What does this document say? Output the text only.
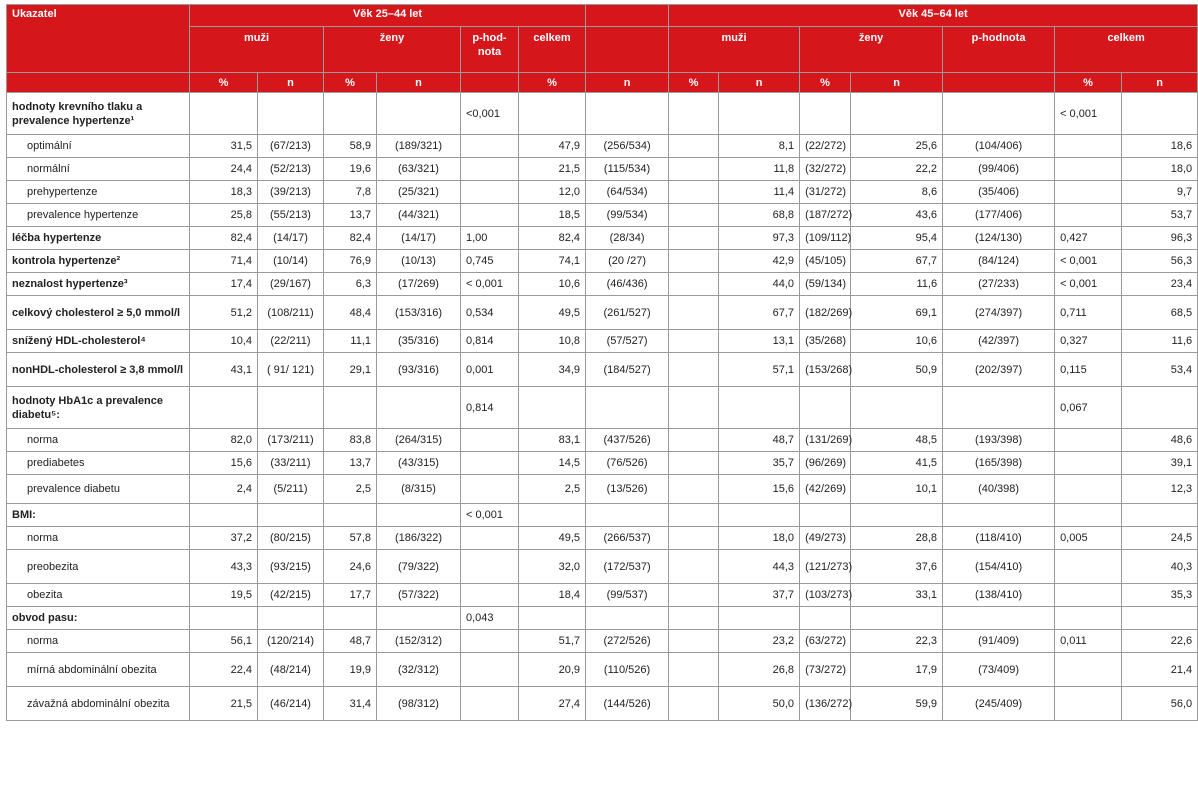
Ukazatel	Věk 25–44 let							Věk 45–64 let							
	muži		ženy		p-hod-nota	celkem		muži		ženy		p-hodnota	celkem		
	%	n	%	n		%	n	%	n	%	n		%	n	
hodnoty krevního tlaku a prevalence hypertenze¹					<0,001								< 0,001		
optimální	31,5	(67/213)	58,9	(189/321)		47,9	(256/534)		8,1	(22/272)	25,6	(104/406)		18,6	
normální	24,4	(52/213)	19,6	(63/321)		21,5	(115/534)		11,8	(32/272)	22,2	(99/406)		18,0	
prehypertenze	18,3	(39/213)	7,8	(25/321)		12,0	(64/534)		11,4	(31/272)	8,6	(35/406)		9,7	
prevalence hypertenze	25,8	(55/213)	13,7	(44/321)		18,5	(99/534)		68,8	(187/272)	43,6	(177/406)		53,7	
léčba hypertenze	82,4	(14/17)	82,4	(14/17)	1,00	82,4	(28/34)		97,3	(109/112)	95,4	(124/130)	0,427	96,3	
kontrola hypertenze²	71,4	(10/14)	76,9	(10/13)	0,745	74,1	(20 /27)		42,9	(45/105)	67,7	(84/124)	< 0,001	56,3	
neznalost hypertenze³	17,4	(29/167)	6,3	(17/269)	< 0,001	10,6	(46/436)		44,0	(59/134)	11,6	(27/233)	< 0,001	23,4	
celkový cholesterol ≥ 5,0 mmol/l	51,2	(108/211)	48,4	(153/316)	0,534	49,5	(261/527)		67,7	(182/269)	69,1	(274/397)	0,711	68,5	
snížený HDL-cholesterol⁴	10,4	(22/211)	11,1	(35/316)	0,814	10,8	(57/527)		13,1	(35/268)	10,6	(42/397)	0,327	11,6	
nonHDL-cholesterol ≥ 3,8 mmol/l	43,1	( 91/ 121)	29,1	(93/316)	0,001	34,9	(184/527)		57,1	(153/268)	50,9	(202/397)	0,115	53,4	
hodnoty HbA1c a prevalence diabetu⁵:					0,814								0,067		
norma	82,0	(173/211)	83,8	(264/315)		83,1	(437/526)		48,7	(131/269)	48,5	(193/398)		48,6	
prediabetes	15,6	(33/211)	13,7	(43/315)		14,5	(76/526)		35,7	(96/269)	41,5	(165/398)		39,1	
prevalence diabetu	2,4	(5/211)	2,5	(8/315)		2,5	(13/526)		15,6	(42/269)	10,1	(40/398)		12,3	
BMI:					< 0,001										
norma	37,2	(80/215)	57,8	(186/322)		49,5	(266/537)		18,0	(49/273)	28,8	(118/410)	0,005	24,5	
preobezita	43,3	(93/215)	24,6	(79/322)		32,0	(172/537)		44,3	(121/273)	37,6	(154/410)		40,3	
obezita	19,5	(42/215)	17,7	(57/322)		18,4	(99/537)		37,7	(103/273)	33,1	(138/410)		35,3	
obvod pasu:					0,043										
norma	56,1	(120/214)	48,7	(152/312)		51,7	(272/526)		23,2	(63/272)	22,3	(91/409)	0,011	22,6	
mírná abdominální obezita	22,4	(48/214)	19,9	(32/312)		20,9	(110/526)		26,8	(73/272)	17,9	(73/409)		21,4	
závažná abdominální obezita	21,5	(46/214)	31,4	(98/312)		27,4	(144/526)		50,0	(136/272)	59,9	(245/409)		56,0	
